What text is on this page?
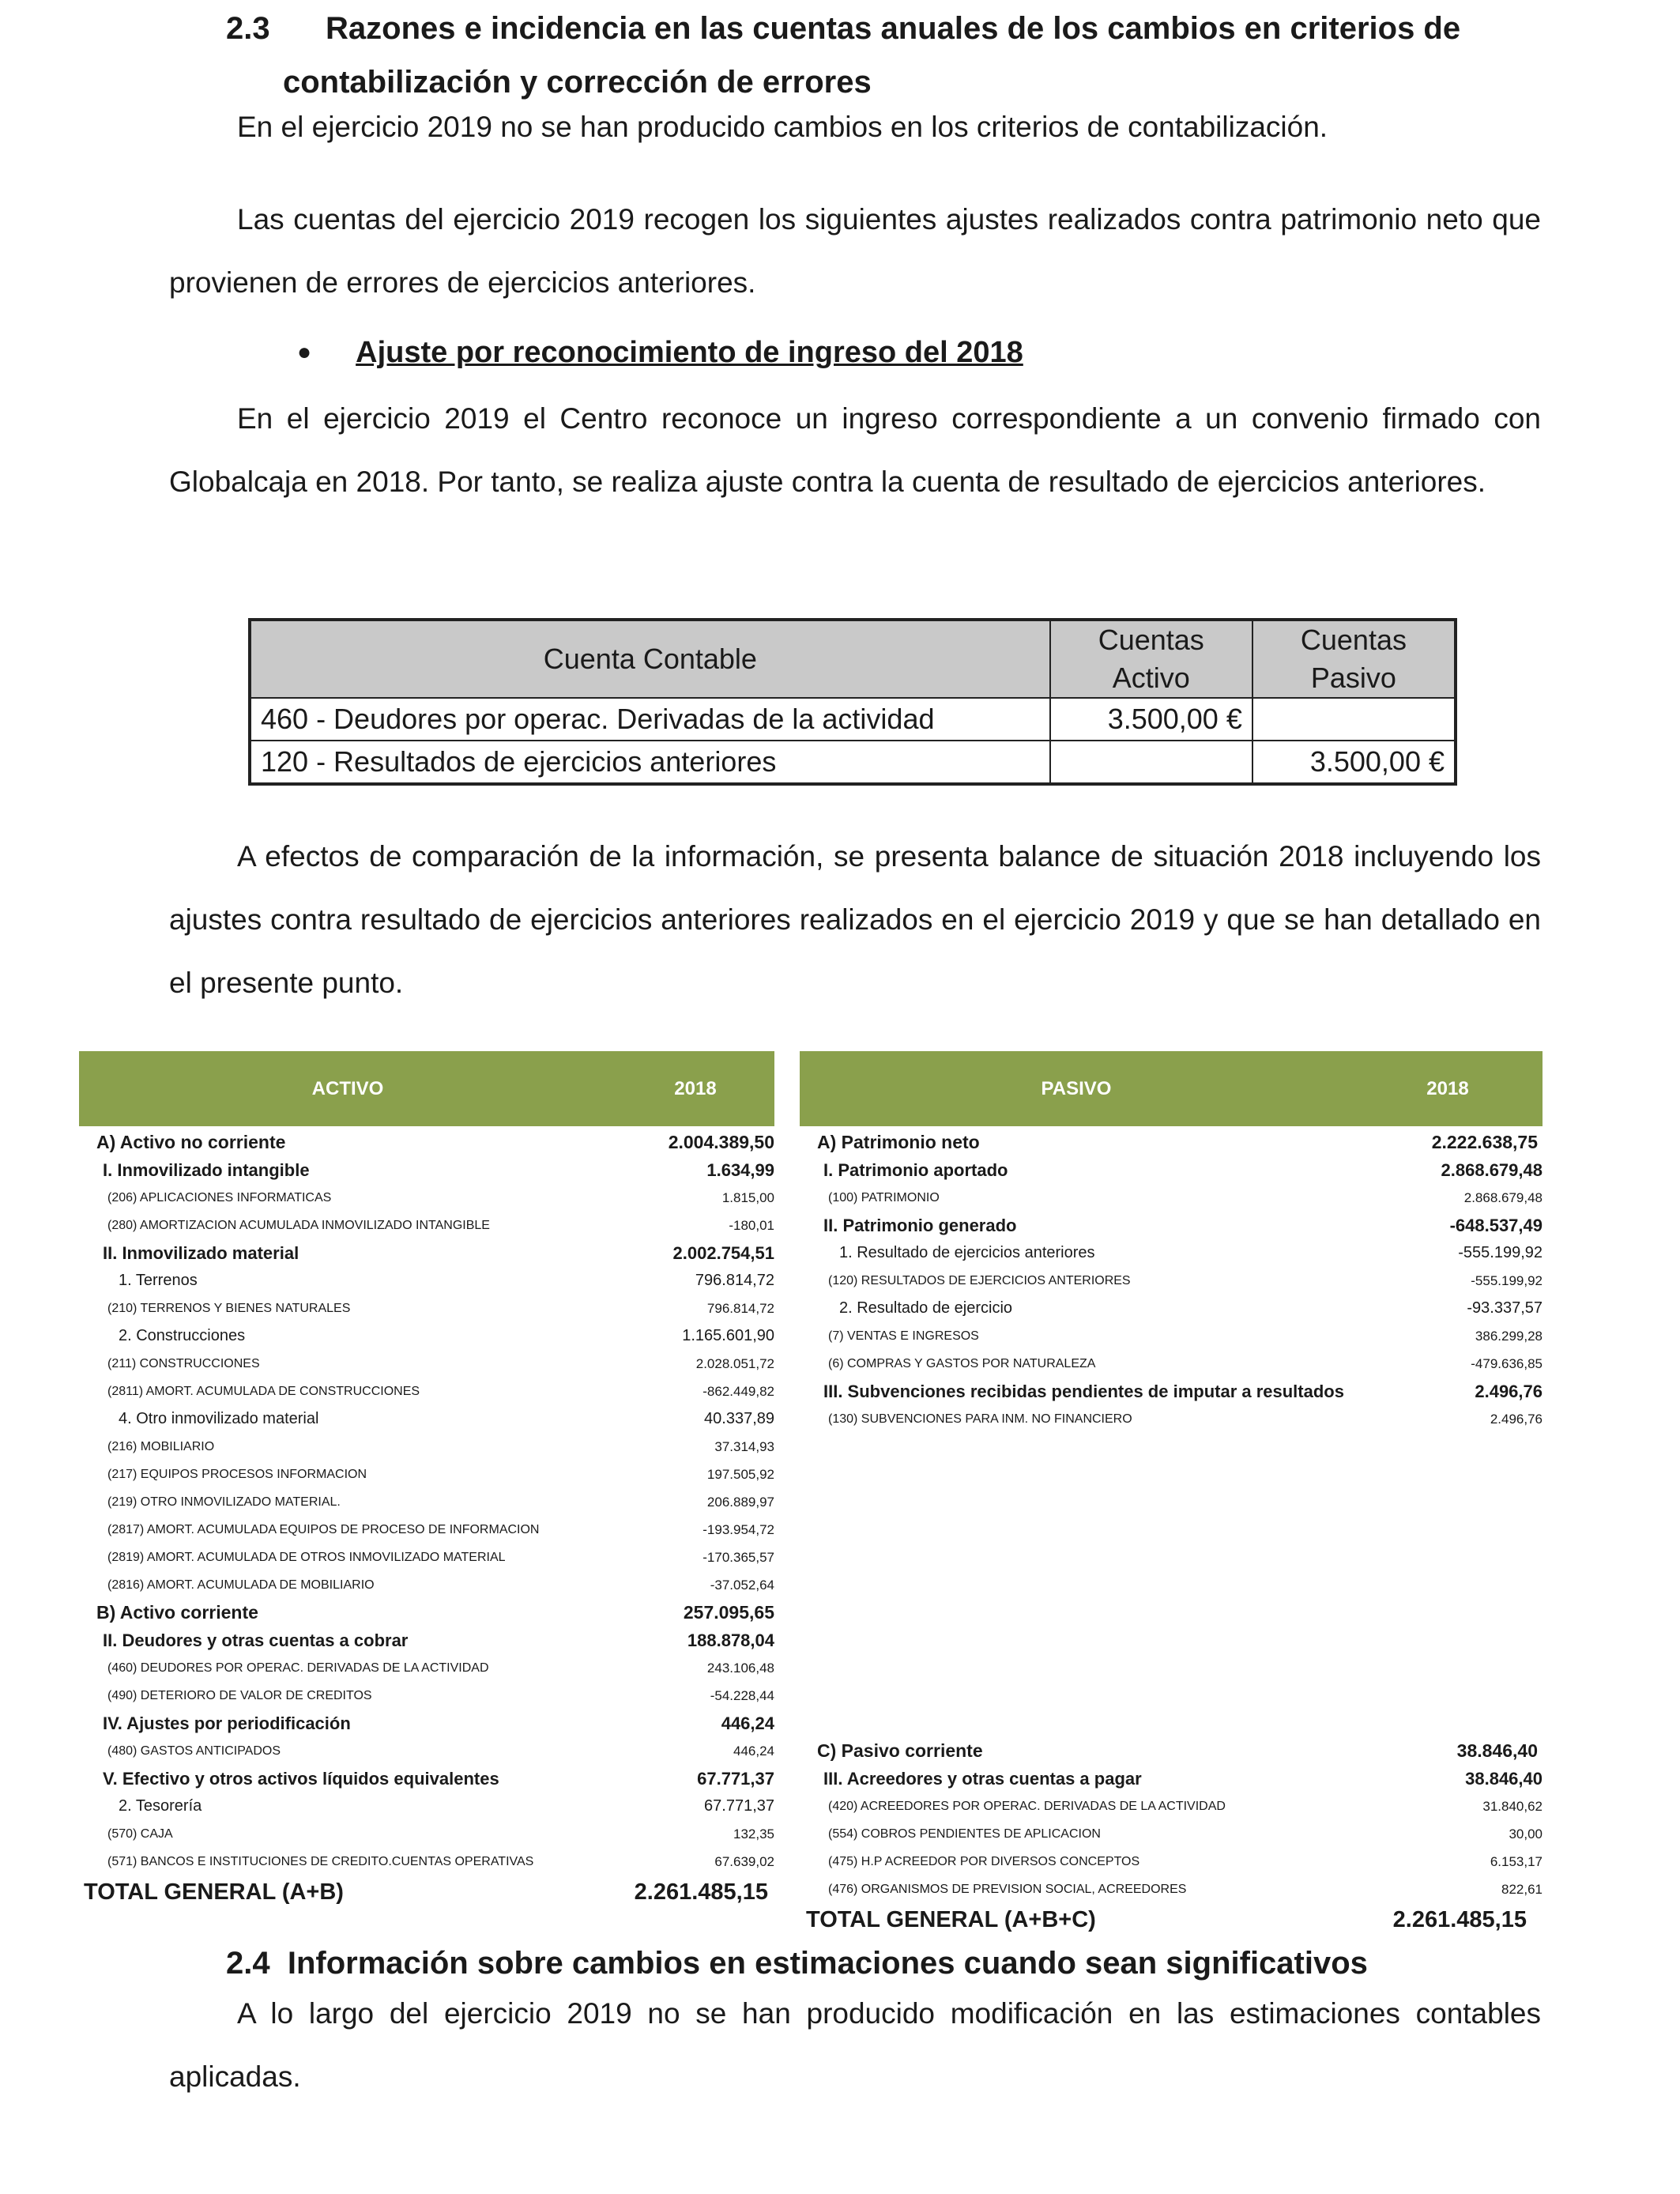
2.3	Razones e incidencia en las cuentas anuales de los cambios en criterios de
contabilización y corrección de errores
En el ejercicio 2019 no se han producido cambios en los criterios de contabilización.
Las cuentas del ejercicio 2019 recogen los siguientes ajustes realizados contra patrimonio neto que provienen de errores de ejercicios anteriores.
● Ajuste por reconocimiento de ingreso del 2018
En el ejercicio 2019 el Centro reconoce un ingreso correspondiente a un convenio firmado con Globalcaja en 2018. Por tanto, se realiza ajuste contra la cuenta de resultado de ejercicios anteriores.
Cuenta Contable	Cuentas Activo	Cuentas Pasivo
460 - Deudores por operac. Derivadas de la actividad	3.500,00 €	
120 - Resultados de ejercicios anteriores		3.500,00 €
A efectos de comparación de la información, se presenta balance de situación 2018 incluyendo los ajustes contra resultado de ejercicios anteriores realizados en el ejercicio 2019 y que se han detallado en el presente punto.
ACTIVO	2018
A) Activo no corriente	2.004.389,50
I. Inmovilizado intangible	1.634,99
(206) APLICACIONES INFORMATICAS	1.815,00
(280) AMORTIZACION ACUMULADA INMOVILIZADO INTANGIBLE	-180,01
II. Inmovilizado material	2.002.754,51
1. Terrenos	796.814,72
(210) TERRENOS Y BIENES NATURALES	796.814,72
2. Construcciones	1.165.601,90
(211) CONSTRUCCIONES	2.028.051,72
(2811) AMORT. ACUMULADA DE CONSTRUCCIONES	-862.449,82
4. Otro inmovilizado material	40.337,89
(216) MOBILIARIO	37.314,93
(217) EQUIPOS PROCESOS INFORMACION	197.505,92
(219) OTRO INMOVILIZADO MATERIAL.	206.889,97
(2817) AMORT. ACUMULADA EQUIPOS DE PROCESO DE INFORMACION	-193.954,72
(2819) AMORT. ACUMULADA DE OTROS INMOVILIZADO MATERIAL	-170.365,57
(2816) AMORT. ACUMULADA DE MOBILIARIO	-37.052,64
B) Activo corriente	257.095,65
II. Deudores y otras cuentas a cobrar	188.878,04
(460) DEUDORES POR OPERAC. DERIVADAS DE LA ACTIVIDAD	243.106,48
(490) DETERIORO DE VALOR DE CREDITOS	-54.228,44
IV. Ajustes por periodificación	446,24
(480) GASTOS ANTICIPADOS	446,24
V. Efectivo y otros activos líquidos equivalentes	67.771,37
2. Tesorería	67.771,37
(570) CAJA	132,35
(571) BANCOS E INSTITUCIONES DE CREDITO.CUENTAS OPERATIVAS	67.639,02
TOTAL GENERAL (A+B)	2.261.485,15
PASIVO	2018
A) Patrimonio neto	2.222.638,75
I. Patrimonio aportado	2.868.679,48
(100) PATRIMONIO	2.868.679,48
II. Patrimonio generado	-648.537,49
1. Resultado de ejercicios anteriores	-555.199,92
(120) RESULTADOS DE EJERCICIOS ANTERIORES	-555.199,92
2. Resultado de ejercicio	-93.337,57
(7) VENTAS E INGRESOS	386.299,28
(6) COMPRAS Y GASTOS POR NATURALEZA	-479.636,85
III. Subvenciones recibidas pendientes de imputar a resultados	2.496,76
(130) SUBVENCIONES PARA INM. NO FINANCIERO	2.496,76
C) Pasivo corriente	38.846,40
III. Acreedores y otras cuentas a pagar	38.846,40
(420) ACREEDORES POR OPERAC. DERIVADAS DE LA ACTIVIDAD	31.840,62
(554) COBROS PENDIENTES DE APLICACION	30,00
(475) H.P ACREEDOR POR DIVERSOS CONCEPTOS	6.153,17
(476) ORGANISMOS DE PREVISION SOCIAL, ACREEDORES	822,61
TOTAL GENERAL (A+B+C)	2.261.485,15
2.4  Información sobre cambios en estimaciones cuando sean significativos
A lo largo del ejercicio 2019 no se han producido modificación en las estimaciones contables aplicadas.
